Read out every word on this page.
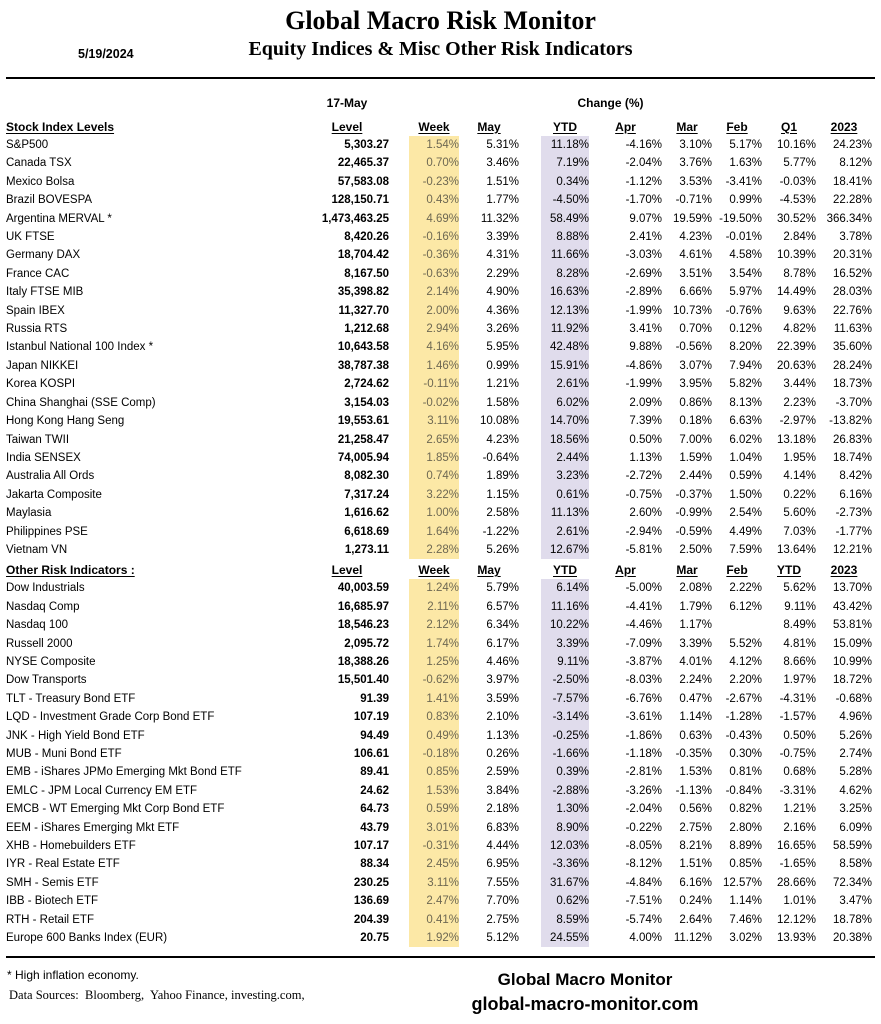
Global Macro Risk Monitor
Equity Indices & Misc Other Risk Indicators
5/19/2024
	17-May			Change (%)							
Stock Index Levels	Level		Week	May		YTD	Apr	Mar	Feb	Q1	2023
S&P500	5,303.27		1.54%	5.31%		11.18%	-4.16%	3.10%	5.17%	10.16%	24.23%
Canada TSX	22,465.37		0.70%	3.46%		7.19%	-2.04%	3.76%	1.63%	5.77%	8.12%
Mexico Bolsa	57,583.08		-0.23%	1.51%		0.34%	-1.12%	3.53%	-3.41%	-0.03%	18.41%
Brazil BOVESPA	128,150.71		0.43%	1.77%		-4.50%	-1.70%	-0.71%	0.99%	-4.53%	22.28%
Argentina MERVAL *	1,473,463.25		4.69%	11.32%		58.49%	9.07%	19.59%	-19.50%	30.52%	366.34%
UK FTSE	8,420.26		-0.16%	3.39%		8.88%	2.41%	4.23%	-0.01%	2.84%	3.78%
Germany DAX	18,704.42		-0.36%	4.31%		11.66%	-3.03%	4.61%	4.58%	10.39%	20.31%
France CAC	8,167.50		-0.63%	2.29%		8.28%	-2.69%	3.51%	3.54%	8.78%	16.52%
Italy FTSE MIB	35,398.82		2.14%	4.90%		16.63%	-2.89%	6.66%	5.97%	14.49%	28.03%
Spain IBEX	11,327.70		2.00%	4.36%		12.13%	-1.99%	10.73%	-0.76%	9.63%	22.76%
Russia RTS	1,212.68		2.94%	3.26%		11.92%	3.41%	0.70%	0.12%	4.82%	11.63%
Istanbul National 100 Index *	10,643.58		4.16%	5.95%		42.48%	9.88%	-0.56%	8.20%	22.39%	35.60%
Japan NIKKEI	38,787.38		1.46%	0.99%		15.91%	-4.86%	3.07%	7.94%	20.63%	28.24%
Korea KOSPI	2,724.62		-0.11%	1.21%		2.61%	-1.99%	3.95%	5.82%	3.44%	18.73%
China Shanghai (SSE Comp)	3,154.03		-0.02%	1.58%		6.02%	2.09%	0.86%	8.13%	2.23%	-3.70%
Hong Kong Hang Seng	19,553.61		3.11%	10.08%		14.70%	7.39%	0.18%	6.63%	-2.97%	-13.82%
Taiwan TWII	21,258.47		2.65%	4.23%		18.56%	0.50%	7.00%	6.02%	13.18%	26.83%
India SENSEX	74,005.94		1.85%	-0.64%		2.44%	1.13%	1.59%	1.04%	1.95%	18.74%
Australia All Ords	8,082.30		0.74%	1.89%		3.23%	-2.72%	2.44%	0.59%	4.14%	8.42%
Jakarta Composite	7,317.24		3.22%	1.15%		0.61%	-0.75%	-0.37%	1.50%	0.22%	6.16%
Maylasia	1,616.62		1.00%	2.58%		11.13%	2.60%	-0.99%	2.54%	5.60%	-2.73%
Philippines PSE	6,618.69		1.64%	-1.22%		2.61%	-2.94%	-0.59%	4.49%	7.03%	-1.77%
Vietnam VN	1,273.11		2.28%	5.26%		12.67%	-5.81%	2.50%	7.59%	13.64%	12.21%
Other Risk Indicators :	Level		Week	May		YTD	Apr	Mar	Feb	YTD	2023
Dow Industrials	40,003.59		1.24%	5.79%		6.14%	-5.00%	2.08%	2.22%	5.62%	13.70%
Nasdaq Comp	16,685.97		2.11%	6.57%		11.16%	-4.41%	1.79%	6.12%	9.11%	43.42%
Nasdaq 100	18,546.23		2.12%	6.34%		10.22%	-4.46%	1.17%		8.49%	53.81%
Russell 2000	2,095.72		1.74%	6.17%		3.39%	-7.09%	3.39%	5.52%	4.81%	15.09%
NYSE Composite	18,388.26		1.25%	4.46%		9.11%	-3.87%	4.01%	4.12%	8.66%	10.99%
Dow Transports	15,501.40		-0.62%	3.97%		-2.50%	-8.03%	2.24%	2.20%	1.97%	18.72%
TLT - Treasury Bond ETF	91.39		1.41%	3.59%		-7.57%	-6.76%	0.47%	-2.67%	-4.31%	-0.68%
LQD - Investment Grade Corp Bond ETF	107.19		0.83%	2.10%		-3.14%	-3.61%	1.14%	-1.28%	-1.57%	4.96%
JNK - High Yield Bond ETF	94.49		0.49%	1.13%		-0.25%	-1.86%	0.63%	-0.43%	0.50%	5.26%
MUB - Muni Bond ETF	106.61		-0.18%	0.26%		-1.66%	-1.18%	-0.35%	0.30%	-0.75%	2.74%
EMB - iShares JPMo Emerging Mkt Bond ETF	89.41		0.85%	2.59%		0.39%	-2.81%	1.53%	0.81%	0.68%	5.28%
EMLC - JPM Local Currency EM ETF	24.62		1.53%	3.84%		-2.88%	-3.26%	-1.13%	-0.84%	-3.31%	4.62%
EMCB - WT Emerging Mkt Corp Bond ETF	64.73		0.59%	2.18%		1.30%	-2.04%	0.56%	0.82%	1.21%	3.25%
EEM - iShares Emerging Mkt ETF	43.79		3.01%	6.83%		8.90%	-0.22%	2.75%	2.80%	2.16%	6.09%
XHB - Homebuilders ETF	107.17		-0.31%	4.44%		12.03%	-8.05%	8.21%	8.89%	16.65%	58.59%
IYR - Real Estate ETF	88.34		2.45%	6.95%		-3.36%	-8.12%	1.51%	0.85%	-1.65%	8.58%
SMH - Semis ETF	230.25		3.11%	7.55%		31.67%	-4.84%	6.16%	12.57%	28.66%	72.34%
IBB - Biotech ETF	136.69		2.47%	7.70%		0.62%	-7.51%	0.24%	1.14%	1.01%	3.47%
RTH - Retail ETF	204.39		0.41%	2.75%		8.59%	-5.74%	2.64%	7.46%	12.12%	18.78%
Europe 600 Banks Index (EUR)	20.75		1.92%	5.12%		24.55%	4.00%	11.12%	3.02%	13.93%	20.38%
* High inflation economy.
Data Sources:  Bloomberg,  Yahoo Finance, investing.com,
Global Macro Monitor
global-macro-monitor.com
